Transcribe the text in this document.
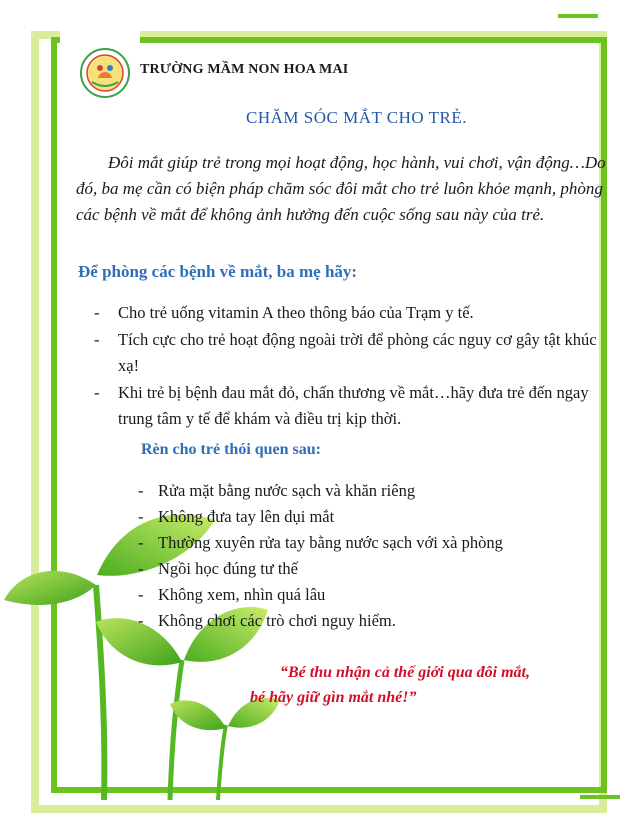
TRƯỜNG MẦM NON HOA MAI
CHĂM SÓC MẮT CHO TRẺ.
Đôi mắt giúp trẻ trong mọi hoạt động, học hành, vui chơi, vận động…Do đó, ba mẹ cần có biện pháp chăm sóc đôi mắt cho trẻ luôn khỏe mạnh, phòng các bệnh về mắt để không ảnh hưởng đến cuộc sống sau này của trẻ.
Để phòng các bệnh về mắt, ba mẹ hãy:
- Cho trẻ uống vitamin A theo thông báo của Trạm y tế.
- Tích cực cho trẻ hoạt động ngoài trời để phòng các nguy cơ gây tật khúc xạ!
- Khi trẻ bị bệnh đau mắt đỏ, chấn thương về mắt…hãy đưa trẻ đến ngay trung tâm y tế để khám và điều trị kịp thời.
Rèn cho trẻ thói quen sau:
- Rửa mặt bằng nước sạch và khăn riêng
- Không đưa tay lên dụi mắt
- Thường xuyên rửa tay bằng nước sạch với xà phòng
- Ngồi học đúng tư thế
- Không xem, nhìn quá lâu
- Không chơi các trò chơi nguy hiểm.
“Bé thu nhận cả thế giới qua đôi mắt,
bé hãy giữ gìn mắt nhé!”
